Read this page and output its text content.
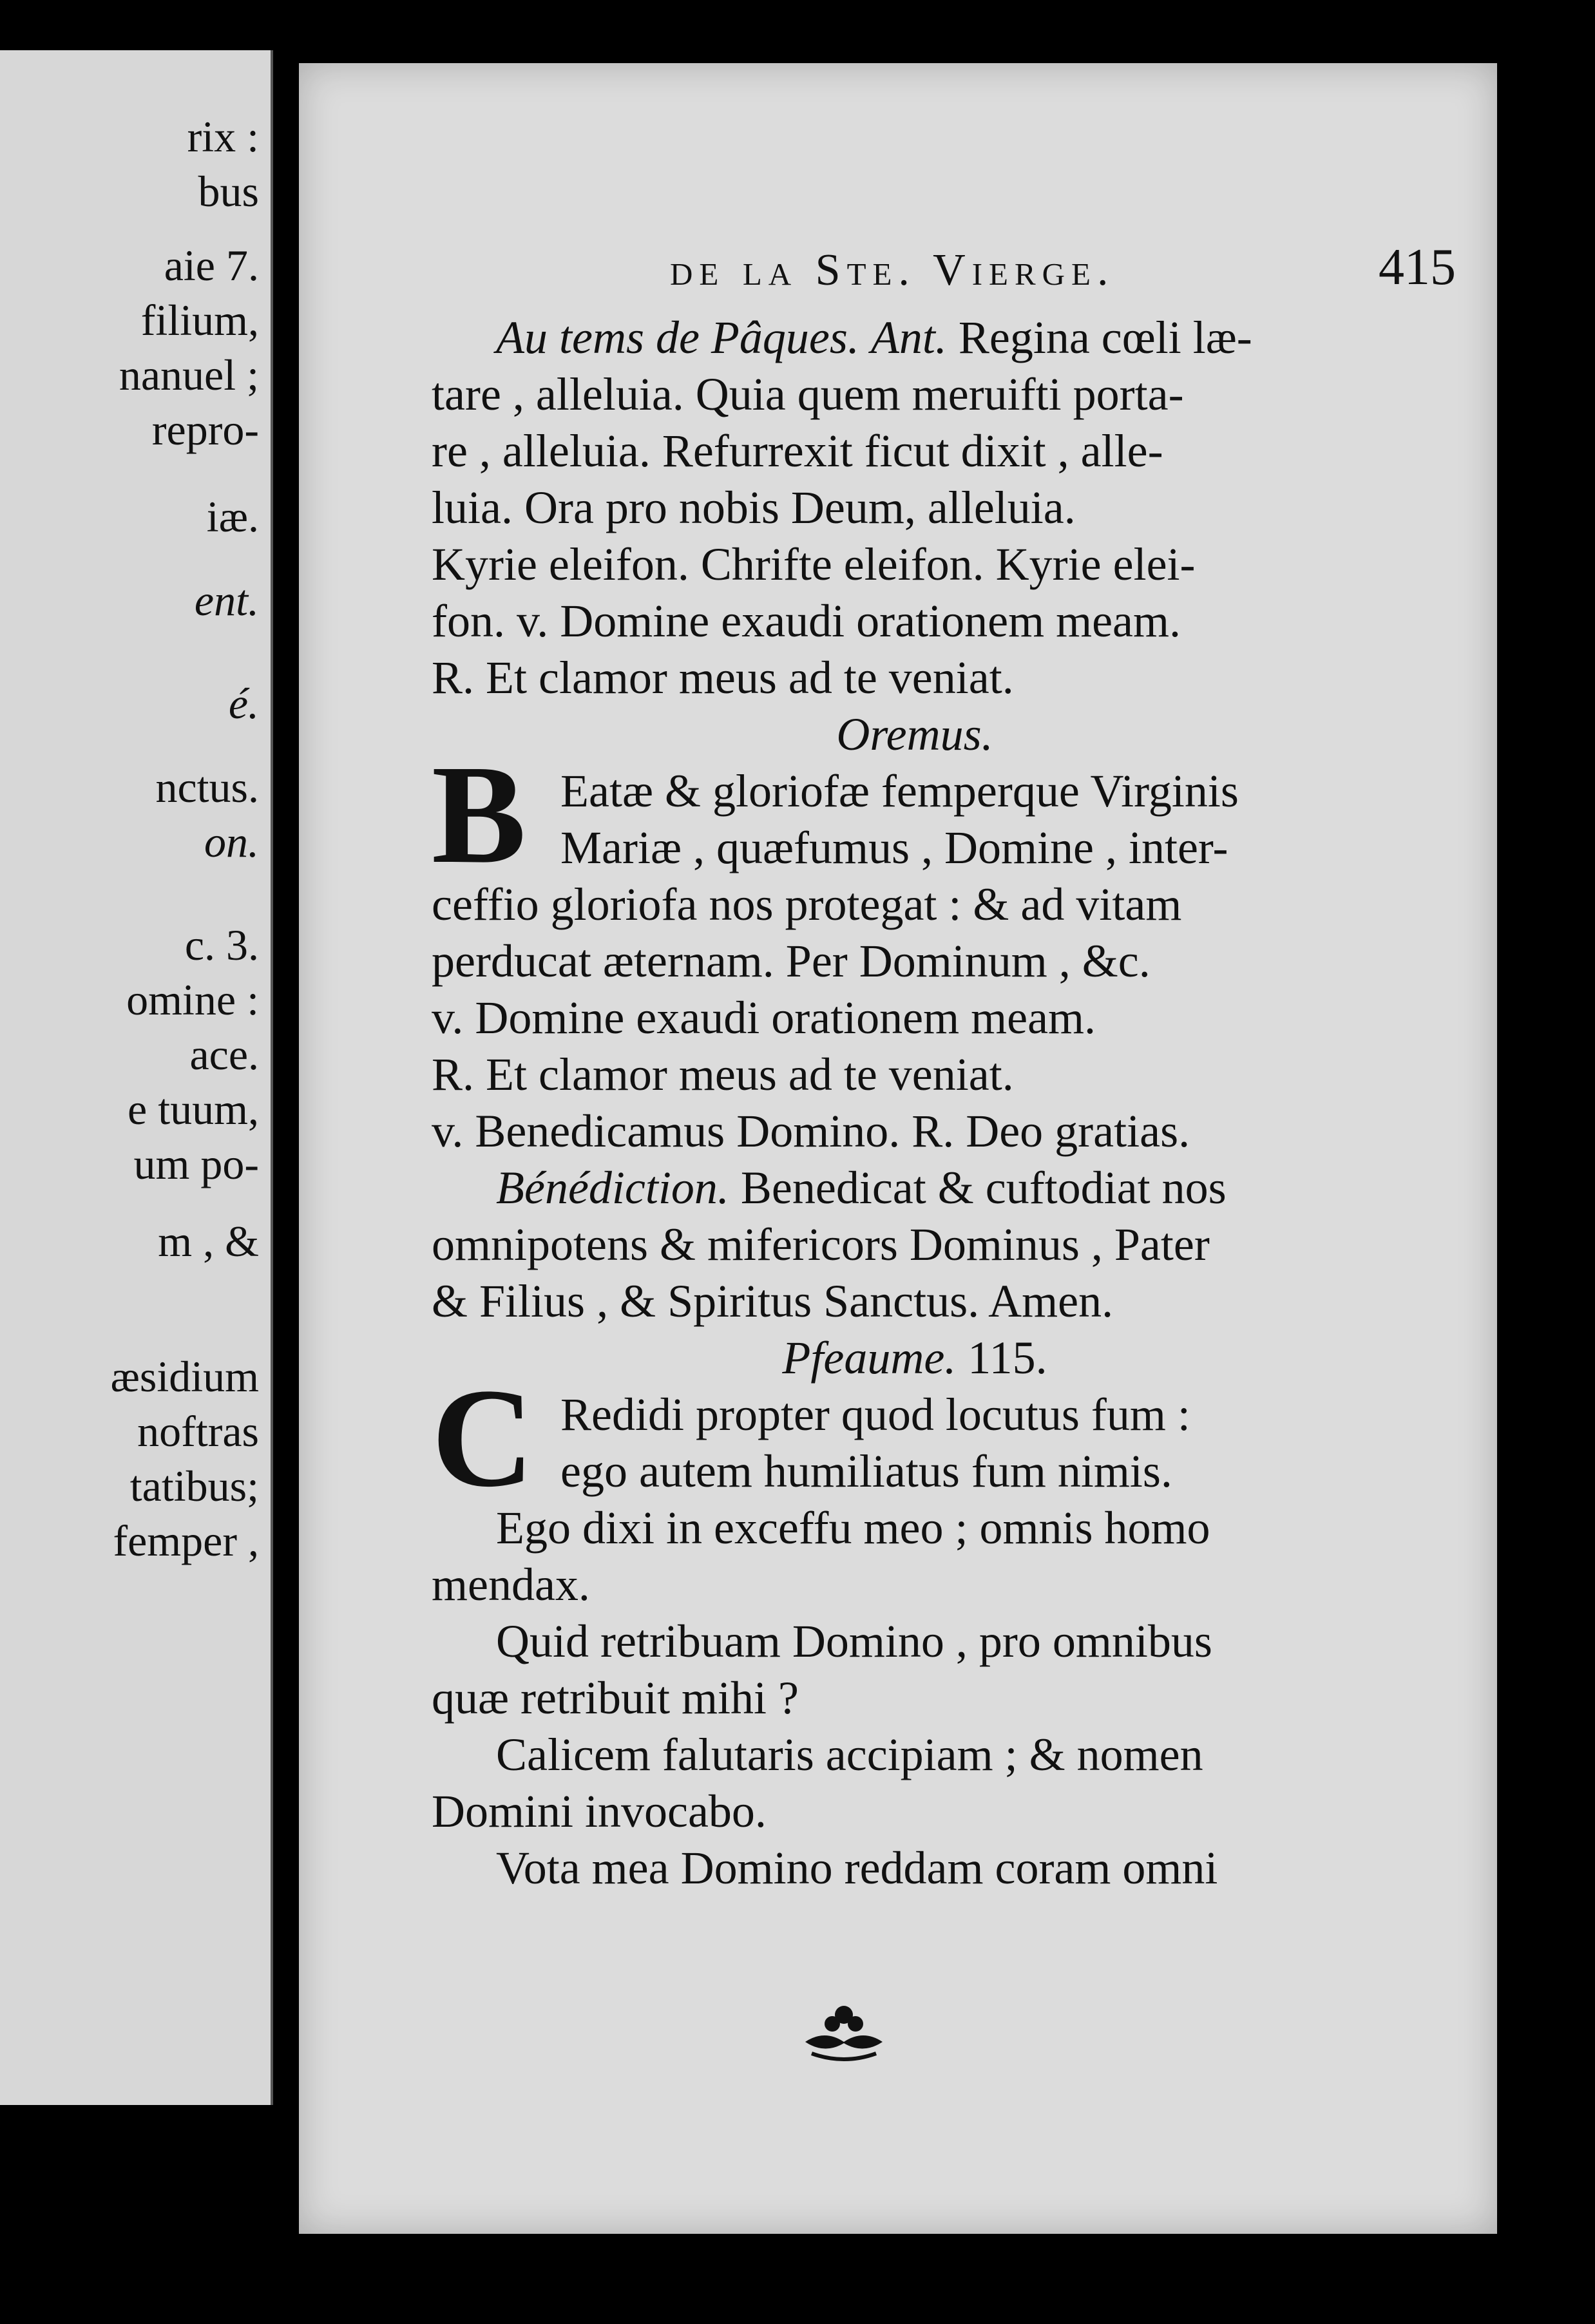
rix :
bus
aie 7.
filium,
nanuel ;
repro-
iæ.
ent.
é.
nctus.
on.
c. 3.
omine :
ace.
e tuum,
um po-
m , &
æsidium
noftras
tatibus;
femper ,
de la Ste. Vierge.	415
Au tems de Pâques. Ant. Regina cœli læ-
tare , alleluia. Quia quem meruifti porta-
re , alleluia. Refurrexit ficut dixit , alle-
luia. Ora pro nobis Deum, alleluia.
Kyrie eleifon. Chrifte eleifon. Kyrie elei-
fon. v. Domine exaudi orationem meam.
R. Et clamor meus ad te veniat.
Oremus.
B Eatæ & gloriofæ femperque Virginis
Mariæ , quæfumus , Domine , inter-
ceffio gloriofa nos protegat : & ad vitam
perducat æternam. Per Dominum , &c.
v. Domine exaudi orationem meam.
R. Et clamor meus ad te veniat.
v. Benedicamus Domino. R. Deo gratias.
Bénédiction. Benedicat & cuftodiat nos
omnipotens & mifericors Dominus , Pater
& Filius , & Spiritus Sanctus. Amen.
Pfeaume. 115.
C Redidi propter quod locutus fum :
ego autem humiliatus fum nimis.
Ego dixi in exceffu meo ; omnis homo
mendax.
Quid retribuam Domino , pro omnibus
quæ retribuit mihi ?
Calicem falutaris accipiam ; & nomen
Domini invocabo.
Vota mea Domino reddam coram omni
